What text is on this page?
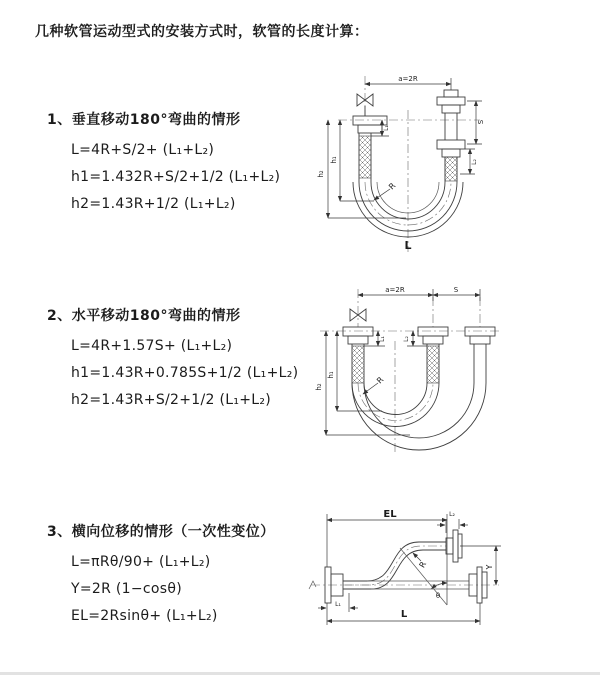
几种软管运动型式的安装方式时，软管的长度计算：
1、垂直移动180°弯曲的情形
L=4R+S/2+ (L₁+L₂)
h1=1.432R+S/2+1/2 (L₁+L₂)
h2=1.43R+1/2 (L₁+L₂)
2、水平移动180°弯曲的情形
L=4R+1.57S+ (L₁+L₂)
h1=1.43R+0.785S+1/2 (L₁+L₂)
h2=1.43R+S/2+1/2 (L₁+L₂)
3、横向位移的情形（一次性变位）
L=πRθ/90+ (L₁+L₂)
Y=2R (1−cosθ)
EL=2Rsinθ+ (L₁+L₂)
a=2R
S
L₂
h₂
h₁
L₁
R
L
a=2R	S
h₂
h₁
L₁	L₂
R
EL	L₂
Y
θ
R
L
L₁
